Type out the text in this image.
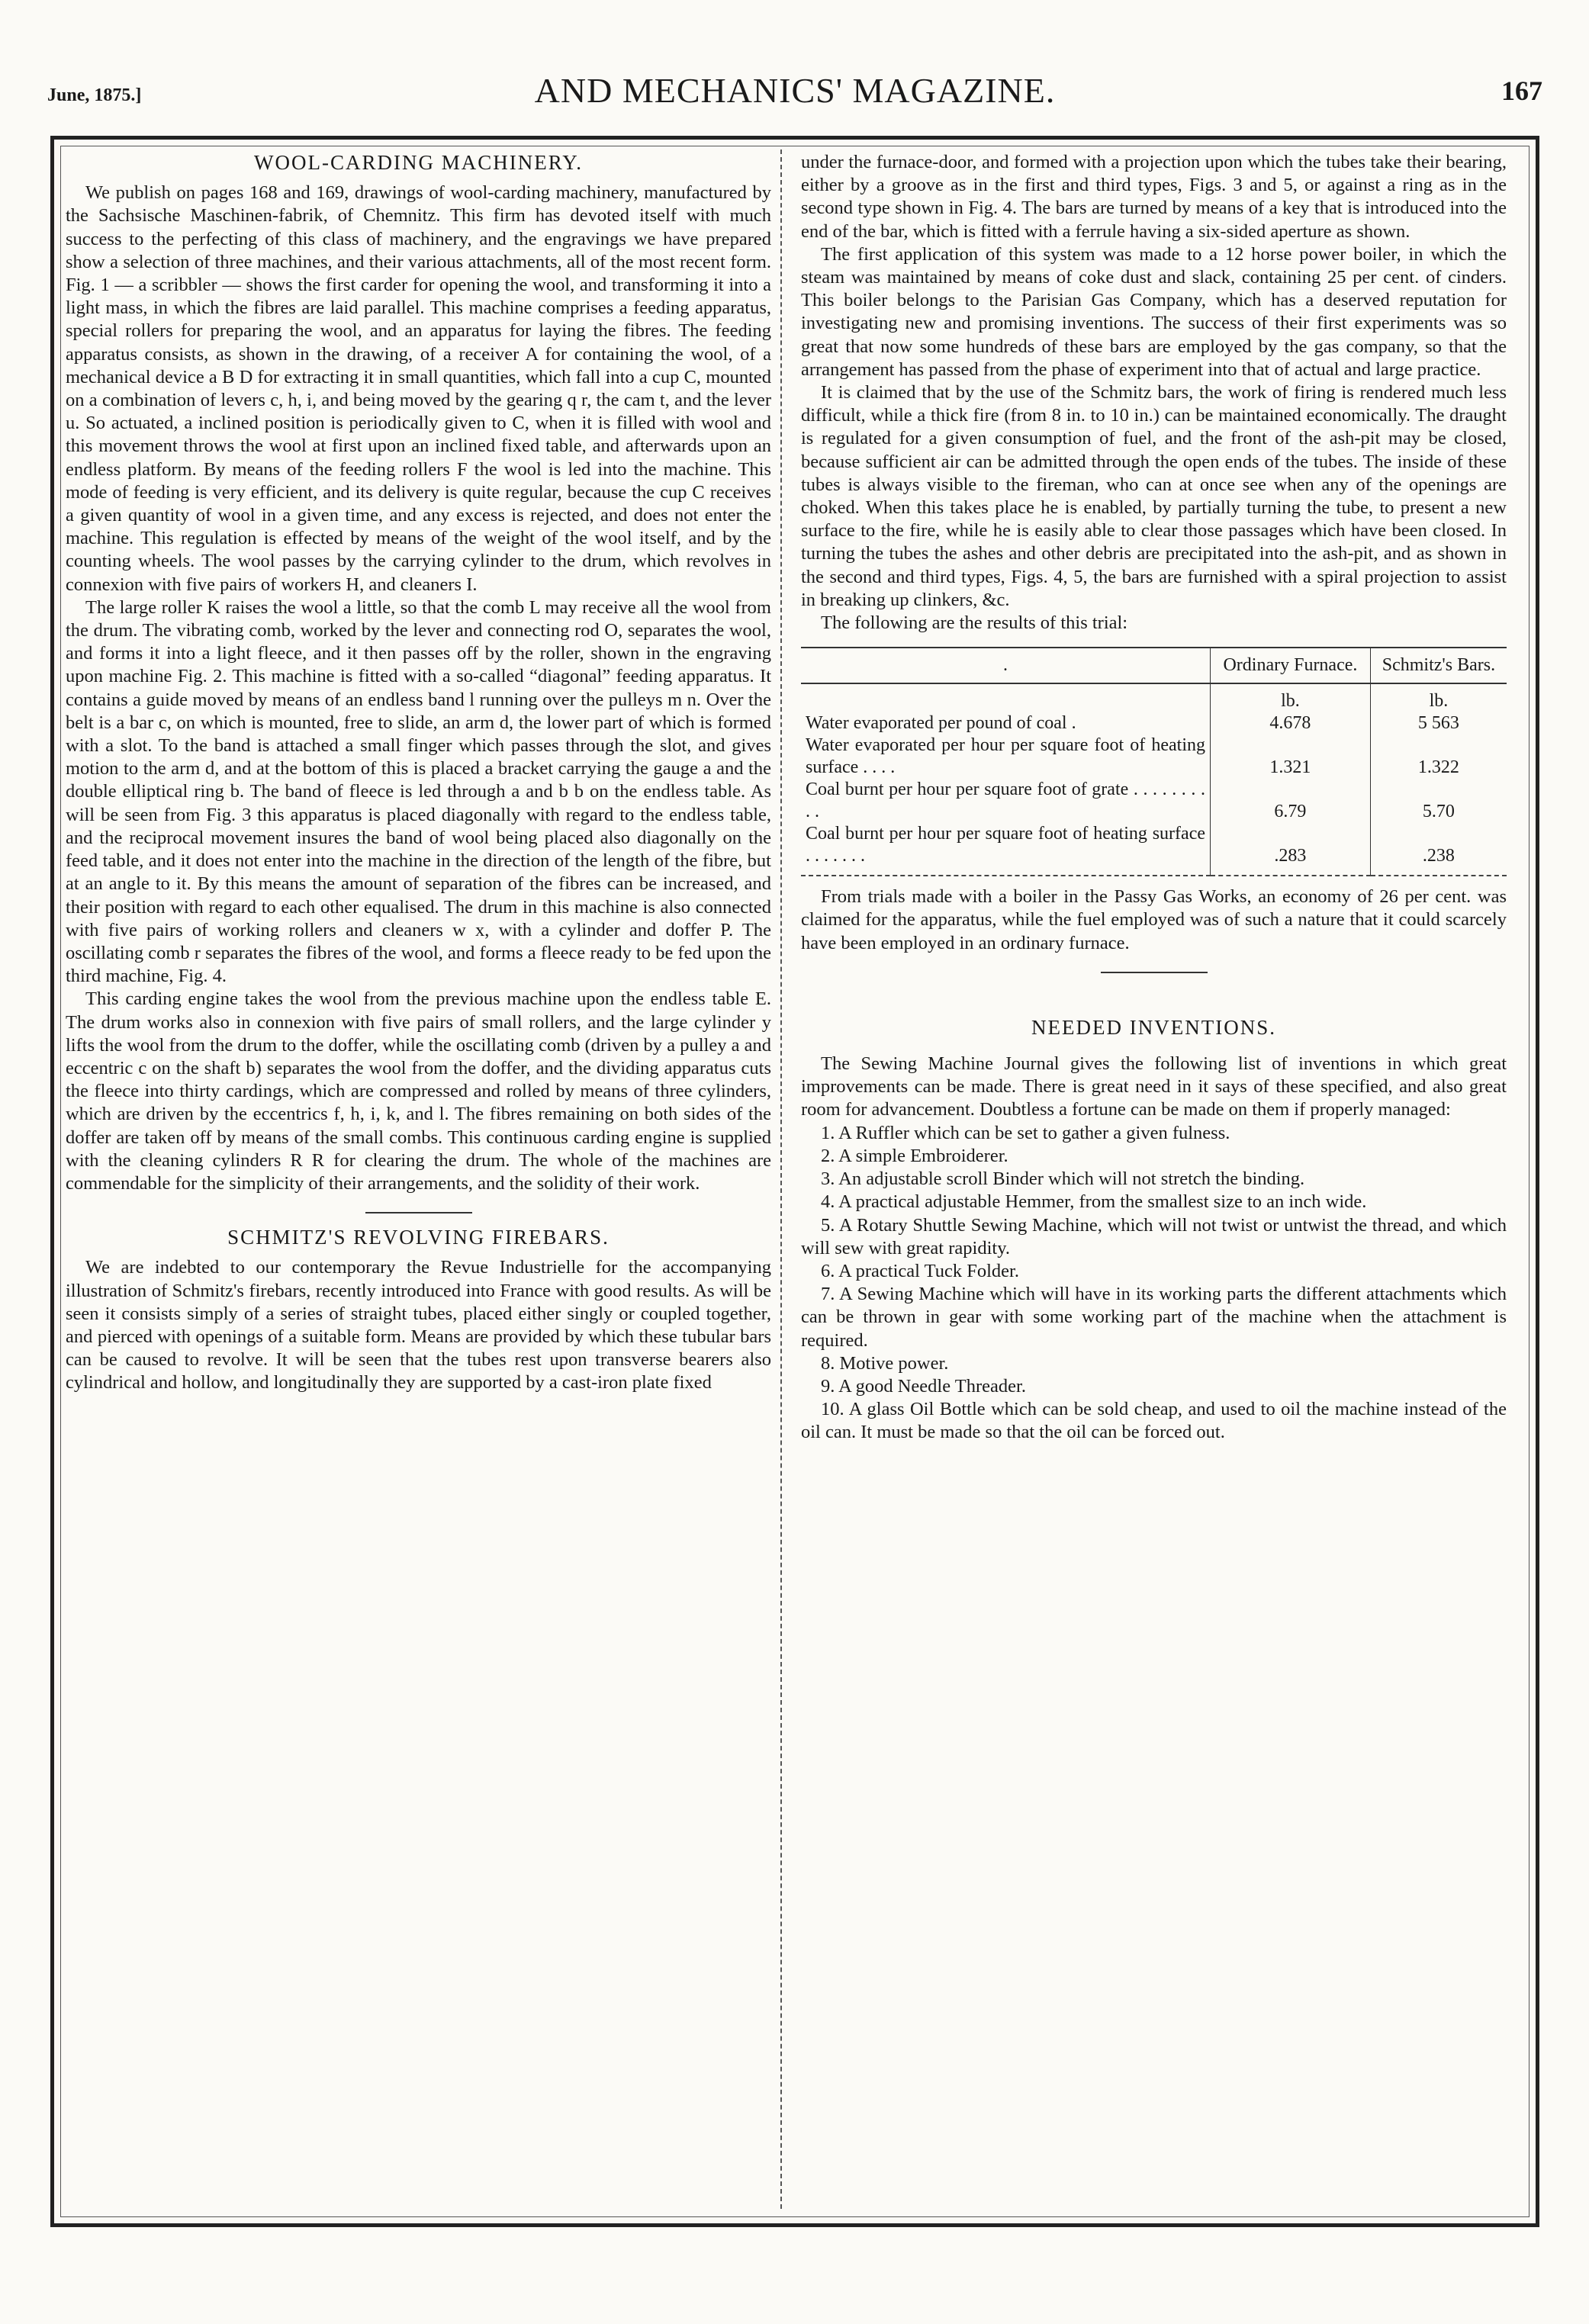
June, 1875.]	AND MECHANICS' MAGAZINE.	167
WOOL-CARDING MACHINERY.

We publish on pages 168 and 169, drawings of wool-carding machinery, manufactured by the Sachsische Maschinen-fabrik, of Chemnitz. This firm has devoted itself with much success to the perfecting of this class of machinery, and the engravings we have prepared show a selection of three machines, and their various attachments, all of the most recent form. Fig. 1 — a scribbler — shows the first carder for opening the wool, and transforming it into a light mass, in which the fibres are laid parallel. This machine comprises a feeding apparatus, special rollers for preparing the wool, and an apparatus for laying the fibres. The feeding apparatus consists, as shown in the drawing, of a receiver A for containing the wool, of a mechanical device a B D for extracting it in small quantities, which fall into a cup C, mounted on a combination of levers c, h, i, and being moved by the gearing q r, the cam t, and the lever u. So actuated, a inclined position is periodically given to C, when it is filled with wool and this movement throws the wool at first upon an inclined fixed table, and afterwards upon an endless platform. By means of the feeding rollers F the wool is led into the machine. This mode of feeding is very efficient, and its delivery is quite regular, because the cup C receives a given quantity of wool in a given time, and any excess is rejected, and does not enter the machine. This regulation is effected by means of the weight of the wool itself, and by the counting wheels. The wool passes by the carrying cylinder to the drum, which revolves in connexion with five pairs of workers H, and cleaners I.

The large roller K raises the wool a little, so that the comb L may receive all the wool from the drum. The vibrating comb, worked by the lever and connecting rod O, separates the wool, and forms it into a light fleece, and it then passes off by the roller, shown in the engraving upon machine Fig. 2. This machine is fitted with a so-called “diagonal” feeding apparatus. It contains a guide moved by means of an endless band l running over the pulleys m n. Over the belt is a bar c, on which is mounted, free to slide, an arm d, the lower part of which is formed with a slot. To the band is attached a small finger which passes through the slot, and gives motion to the arm d, and at the bottom of this is placed a bracket carrying the gauge a and the double elliptical ring b. The band of fleece is led through a and b b on the endless table. As will be seen from Fig. 3 this apparatus is placed diagonally with regard to the endless table, and the reciprocal movement insures the band of wool being placed also diagonally on the feed table, and it does not enter into the machine in the direction of the length of the fibre, but at an angle to it. By this means the amount of separation of the fibres can be increased, and their position with regard to each other equalised. The drum in this machine is also connected with five pairs of working rollers and cleaners w x, with a cylinder and doffer P. The oscillating comb r separates the fibres of the wool, and forms a fleece ready to be fed upon the third machine, Fig. 4.

This carding engine takes the wool from the previous machine upon the endless table E. The drum works also in connexion with five pairs of small rollers, and the large cylinder y lifts the wool from the drum to the doffer, while the oscillating comb (driven by a pulley a and eccentric c on the shaft b) separates the wool from the doffer, and the dividing apparatus cuts the fleece into thirty cardings, which are compressed and rolled by means of three cylinders, which are driven by the eccentrics f, h, i, k, and l. The fibres remaining on both sides of the doffer are taken off by means of the small combs. This continuous carding engine is supplied with the cleaning cylinders R R for clearing the drum. The whole of the machines are commendable for the simplicity of their arrangements, and the solidity of their work.

SCHMITZ'S REVOLVING FIREBARS.

We are indebted to our contemporary the Revue Industrielle for the accompanying illustration of Schmitz's firebars, recently introduced into France with good results. As will be seen it consists simply of a series of straight tubes, placed either singly or coupled together, and pierced with openings of a suitable form. Means are provided by which these tubular bars can be caused to revolve. It will be seen that the tubes rest upon transverse bearers also cylindrical and hollow, and longitudinally they are supported by a cast-iron plate fixed

under the furnace-door, and formed with a projection upon which the tubes take their bearing, either by a groove as in the first and third types, Figs. 3 and 5, or against a ring as in the second type shown in Fig. 4. The bars are turned by means of a key that is introduced into the end of the bar, which is fitted with a ferrule having a six-sided aperture as shown.

The first application of this system was made to a 12 horse power boiler, in which the steam was maintained by means of coke dust and slack, containing 25 per cent. of cinders. This boiler belongs to the Parisian Gas Company, which has a deserved reputation for investigating new and promising inventions. The success of their first experiments was so great that now some hundreds of these bars are employed by the gas company, so that the arrangement has passed from the phase of experiment into that of actual and large practice.

It is claimed that by the use of the Schmitz bars, the work of firing is rendered much less difficult, while a thick fire (from 8 in. to 10 in.) can be maintained economically. The draught is regulated for a given consumption of fuel, and the front of the ash-pit may be closed, because sufficient air can be admitted through the open ends of the tubes. The inside of these tubes is always visible to the fireman, who can at once see when any of the openings are choked. When this takes place he is enabled, by partially turning the tube, to present a new surface to the fire, while he is easily able to clear those passages which have been closed. In turning the tubes the ashes and other debris are precipitated into the ash-pit, and as shown in the second and third types, Figs. 4, 5, the bars are furnished with a spiral projection to assist in breaking up clinkers, &c.

The following are the results of this trial:

.	Ordinary Furnace.	Schmitz's Bars.
	lb.	lb.
Water evaporated per pound of coal .	4.678	5 563
Water evaporated per hour per square foot of heating surface . . . .	1.321	1.322
Coal burnt per hour per square foot of grate . . . . . . . . . .	6.79	5.70
Coal burnt per hour per square foot of heating surface . . . . . . .	.283	.238

From trials made with a boiler in the Passy Gas Works, an economy of 26 per cent. was claimed for the apparatus, while the fuel employed was of such a nature that it could scarcely have been employed in an ordinary furnace.

NEEDED INVENTIONS.

The Sewing Machine Journal gives the following list of inventions in which great improvements can be made. There is great need in it says of these specified, and also great room for advancement. Doubtless a fortune can be made on them if properly managed:

1. A Ruffler which can be set to gather a given fulness.

2. A simple Embroiderer.

3. An adjustable scroll Binder which will not stretch the binding.

4. A practical adjustable Hemmer, from the smallest size to an inch wide.

5. A Rotary Shuttle Sewing Machine, which will not twist or untwist the thread, and which will sew with great rapidity.

6. A practical Tuck Folder.

7. A Sewing Machine which will have in its working parts the different attachments which can be thrown in gear with some working part of the machine when the attachment is required.

8. Motive power.

9. A good Needle Threader.

10. A glass Oil Bottle which can be sold cheap, and used to oil the machine instead of the oil can. It must be made so that the oil can be forced out.
